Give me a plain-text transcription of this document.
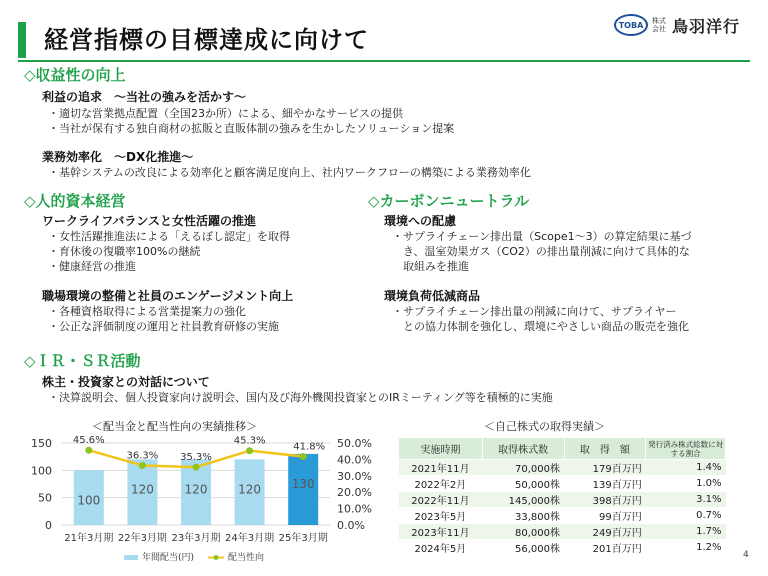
経営指標の目標達成に向けて
TOBA	株式会社 鳥羽洋行
◇収益性の向上
利益の追求　～当社の強みを活かす～
・適切な営業拠点配置（全国23か所）による、細やかなサービスの提供
・当社が保有する独自商材の拡販と直販体制の強みを生かしたソリューション提案
業務効率化　～DX化推進～
・基幹システムの改良による効率化と顧客満足度向上、社内ワークフローの構築による業務効率化
◇人的資本経営
ワークライフバランスと女性活躍の推進
・女性活躍推進法による「えるぼし認定」を取得
・育休後の復職率100%の継続
・健康経営の推進
職場環境の整備と社員のエンゲージメント向上
・各種資格取得による営業提案力の強化
・公正な評価制度の運用と社員教育研修の実施
◇カーボンニュートラル
環境への配慮
・サプライチェーン排出量（Scope1～3）の算定結果に基づ
　き、温室効果ガス（CO2）の排出量削減に向けて具体的な
　取組みを推進
環境負荷低減商品
・サプライチェーン排出量の削減に向けて、サプライヤー
　との協力体制を強化し、環境にやさしい商品の販売を強化
◇ＩＲ・ＳＲ活動
株主・投資家との対話について
・決算説明会、個人投資家向け説明会、国内及び海外機関投資家とのIRミーティング等を積極的に実施
＜配当金と配当性向の実績推移＞	＜自己株式の取得実績＞
0
50
100
150
0.0%
10.0%
20.0%
30.0%
40.0%
50.0%
100
120	120	120	130
45.6%
36.3% 35.3%
45.3%
41.8%
21年3月期 22年3月期 23年3月期 24年3月期 25年3月期
年間配当(円)	配当性向
実施時期	取得株式数	取　得　額	発行済み株式総数に対する割合
2021年11月	70,000株	179百万円	1.4%
2022年2月	50,000株	139百万円	1.0%
2022年11月	145,000株	398百万円	3.1%
2023年5月	33,800株	99百万円	0.7%
2023年11月	80,000株	249百万円	1.7%
2024年5月	56,000株	201百万円	1.2%
4
